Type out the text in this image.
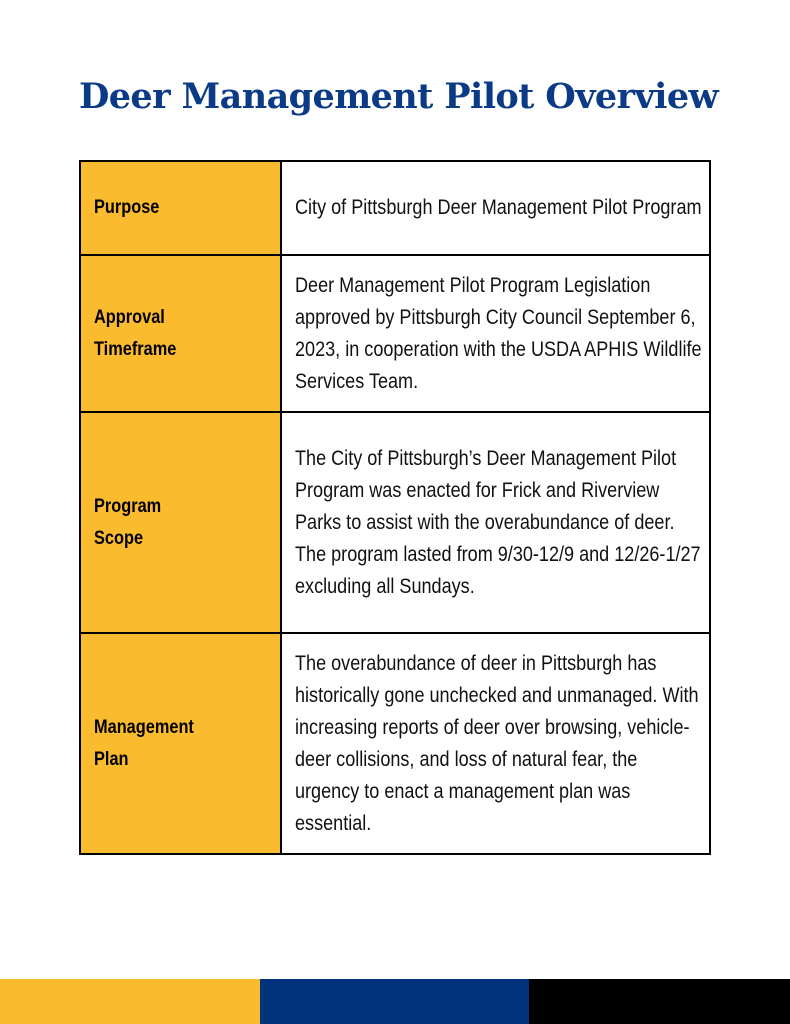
Deer Management Pilot Overview
Purpose	City of Pittsburgh Deer Management Pilot Program

Approval
Timeframe	Deer Management Pilot Program Legislation approved by Pittsburgh City Council September 6, 2023, in cooperation with the USDA APHIS Wildlife Services Team.

Program
Scope	The City of Pittsburgh’s Deer Management Pilot Program was enacted for Frick and Riverview Parks to assist with the overabundance of deer. The program lasted from 9/30-12/9 and 12/26-1/27 excluding all Sundays.

Management
Plan	The overabundance of deer in Pittsburgh has historically gone unchecked and unmanaged. With increasing reports of deer over browsing, vehicle-deer collisions, and loss of natural fear, the urgency to enact a management plan was essential.
